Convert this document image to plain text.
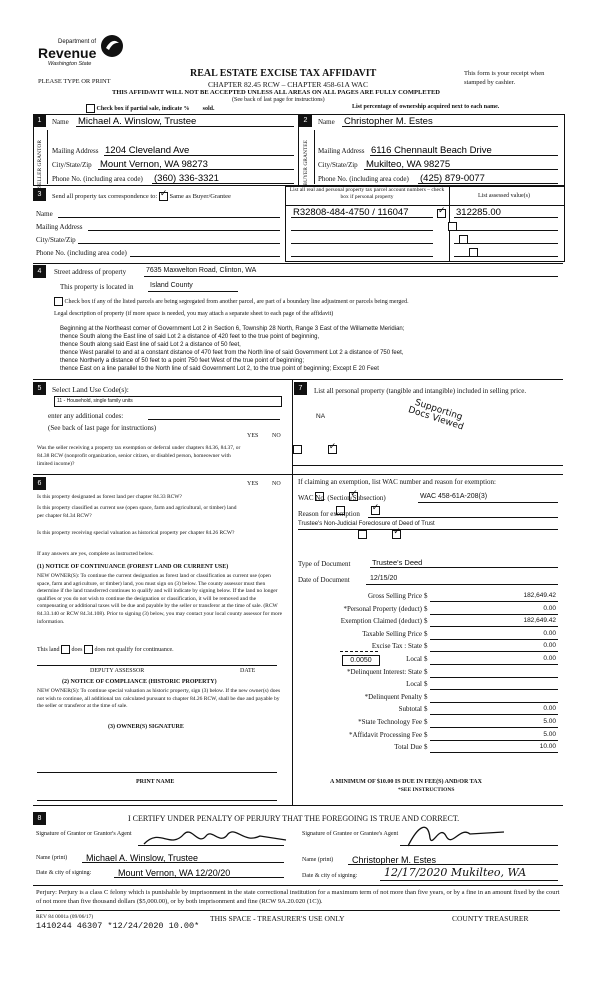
Department of
Revenue
Washington State
PLEASE TYPE OR PRINT
REAL ESTATE EXCISE TAX AFFIDAVIT
CHAPTER 82.45 RCW – CHAPTER 458-61A WAC
This form is your receipt when stamped by cashier.
THIS AFFIDAVIT WILL NOT BE ACCEPTED UNLESS ALL AREAS ON ALL PAGES ARE FULLY COMPLETED
(See back of last page for instructions)
Check box if partial sale, indicate % sold.	List percentage of ownership acquired next to each name.
1
SELLER GRANTOR
Name Michael A. Winslow, Trustee
Mailing Address 1204 Cleveland Ave
City/State/Zip Mount Vernon, WA 98273
Phone No. (including area code) (360) 336-3321
2
BUYER GRANTEE
Name Christopher M. Estes
Mailing Address 6116 Chennault Beach Drive
City/State/Zip Mukilteo, WA 98275
Phone No. (including area code) (425) 879-0077
3	Send all property tax correspondence to: ✓ Same as Buyer/Grantee
Name
Mailing Address
City/State/Zip
Phone No. (including area code)
List all real and personal property tax parcel account numbers – check box if personal property	List assessed value(s)
R32808-484-4750 / 116047 ✓	312285.00

4	Street address of property	7635 Maxwelton Road, Clinton, WA
This property is located in Island County
Check box if any of the listed parcels are being segregated from another parcel, are part of a boundary line adjustment or parcels being merged.
Legal description of property (if more space is needed, you may attach a separate sheet to each page of the affidavit)
Beginning at the Northeast corner of Government Lot 2 in Section 6, Township 28 North, Range 3 East of the Willamette Meridian;
thence South along the East line of said Lot 2 a distance of 420 feet to the true point of beginning,
thence South along said East line of said Lot 2 a distance of 50 feet,
thence West parallel to and at a constant distance of 470 feet from the North line of said Government Lot 2 a distance of 750 feet,
thence Northerly a distance of 50 feet to a point 750 feet West of the true point of beginning;
thence East on a line parallel to the North line of said Government Lot 2, to the true point of beginning; Except E 20 Feet
5	Select Land Use Code(s):
11 - Household, single family units
enter any additional codes:
(See back of last page for instructions)
YES NO
Was the seller receiving a property tax exemption or deferral under chapters 84.36, 84.37, or 84.38 RCW (nonprofit organization, senior citizen, or disabled person, homeowner with limited income)?
✓
6	YES NO
Is this property designated as forest land per chapter 84.33 RCW?
✓
Is this property classified as current use (open space, farm and agricultural, or timber) land per chapter 84.34 RCW?
✓
Is this property receiving special valuation as historical property per chapter 84.26 RCW?
✓
If any answers are yes, complete as instructed below.
(1) NOTICE OF CONTINUANCE (FOREST LAND OR CURRENT USE)
NEW OWNER(S): To continue the current designation as forest land or classification as current use (open space, farm and agriculture, or timber) land, you must sign on (3) below. The county assessor must then determine if the land transferred continues to qualify and will indicate by signing below. If the land no longer qualifies or you do not wish to continue the designation or classification, it will be removed and the compensating or additional taxes will be due and payable by the seller or transferor at the time of sale. (RCW 84.33.140 or RCW 84.34.108). Prior to signing (3) below, you may contact your local county assessor for more information.
This land does does not qualify for continuance.
DEPUTY ASSESSOR	DATE
(2) NOTICE OF COMPLIANCE (HISTORIC PROPERTY)
NEW OWNER(S): To continue special valuation as historic property, sign (3) below. If the new owner(s) does not wish to continue, all additional tax calculated pursuant to chapter 84.26 RCW, shall be due and payable by the seller or transferor at the time of sale.
(3) OWNER(S) SIGNATURE
PRINT NAME
7	List all personal property (tangible and intangible) included in selling price.
NA	Supporting Docs Viewed
If claiming an exemption, list WAC number and reason for exemption:
WAC No. (Section/Subsection)	WAC 458-61A-208(3)
Reason for exemption
Trustee's Non-Judicial Foreclosure of Deed of Trust
Type of Document	Trustee's Deed
Date of Document	12/15/20
Gross Selling Price $	182,649.42
*Personal Property (deduct) $	0.00
Exemption Claimed (deduct) $	182,649.42
Taxable Selling Price $	0.00
Excise Tax : State $	0.00
0.0050	Local $	0.00
*Delinquent Interest: State $
Local $
*Delinquent Penalty $
Subtotal $	0.00
*State Technology Fee $	5.00
*Affidavit Processing Fee $	5.00
Total Due $	10.00
A MINIMUM OF $10.00 IS DUE IN FEE(S) AND/OR TAX
*SEE INSTRUCTIONS
8	I CERTIFY UNDER PENALTY OF PERJURY THAT THE FOREGOING IS TRUE AND CORRECT.
Signature of Grantor or Grantor's Agent	Signature of Grantee or Grantee's Agent
Name (print) Michael A. Winslow, Trustee	Name (print) Christopher M. Estes
Date & city of signing:	Mount Vernon, WA 12/20/20	Date & city of signing: 12/17/2020 Mukilteo, WA
Perjury: Perjury is a class C felony which is punishable by imprisonment in the state correctional institution for a maximum term of not more than five years, or by a fine in an amount fixed by the court of not more than five thousand dollars ($5,000.00), or by both imprisonment and fine (RCW 9A.20.020 (1C)).
REV 84 0001a (09/06/17)
1410244 46307 *12/24/2020 10.00*
THIS SPACE - TREASURER'S USE ONLY	COUNTY TREASURER
